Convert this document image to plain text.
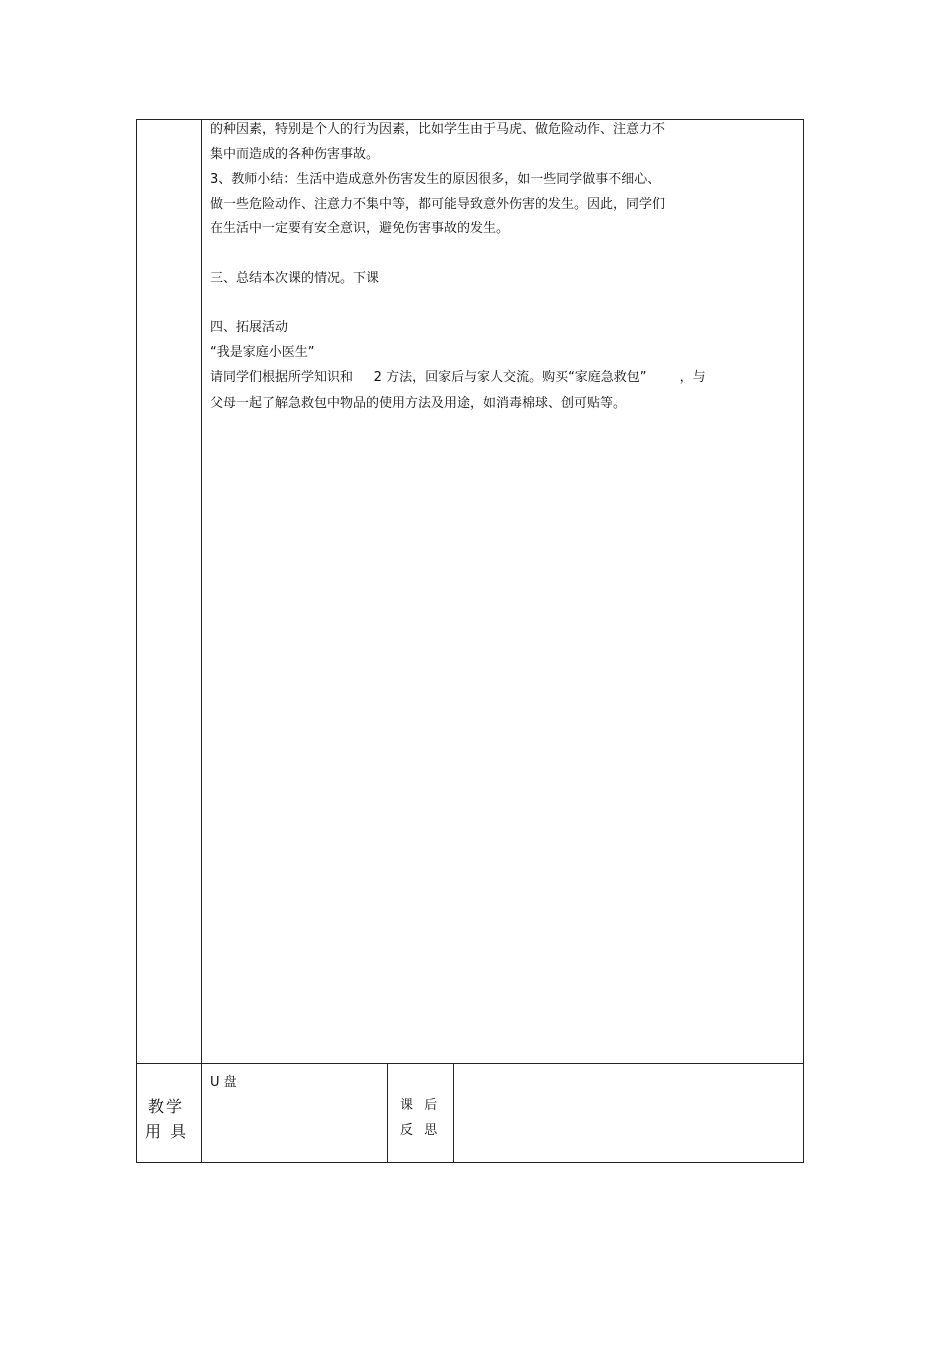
的种因素，特别是个人的行为因素，比如学生由于马虎、做危险动作、注意力不
集中而造成的各种伤害事故。
3、教师小结：生活中造成意外伤害发生的原因很多，如一些同学做事不细心、
做一些危险动作、注意力不集中等，都可能导致意外伤害的发生。因此，同学们
在生活中一定要有安全意识，避免伤害事故的发生。
三、总结本次课的情况。下课
四、拓展活动
“我是家庭小医生”
请同学们根据所学知识和     2 方法，回家后与家人交流。购买“家庭急救包”        ，与
父母一起了解急救包中物品的使用方法及用途，如消毒棉球、创可贴等。
教学
用 具
U 盘
课  后
反  思
